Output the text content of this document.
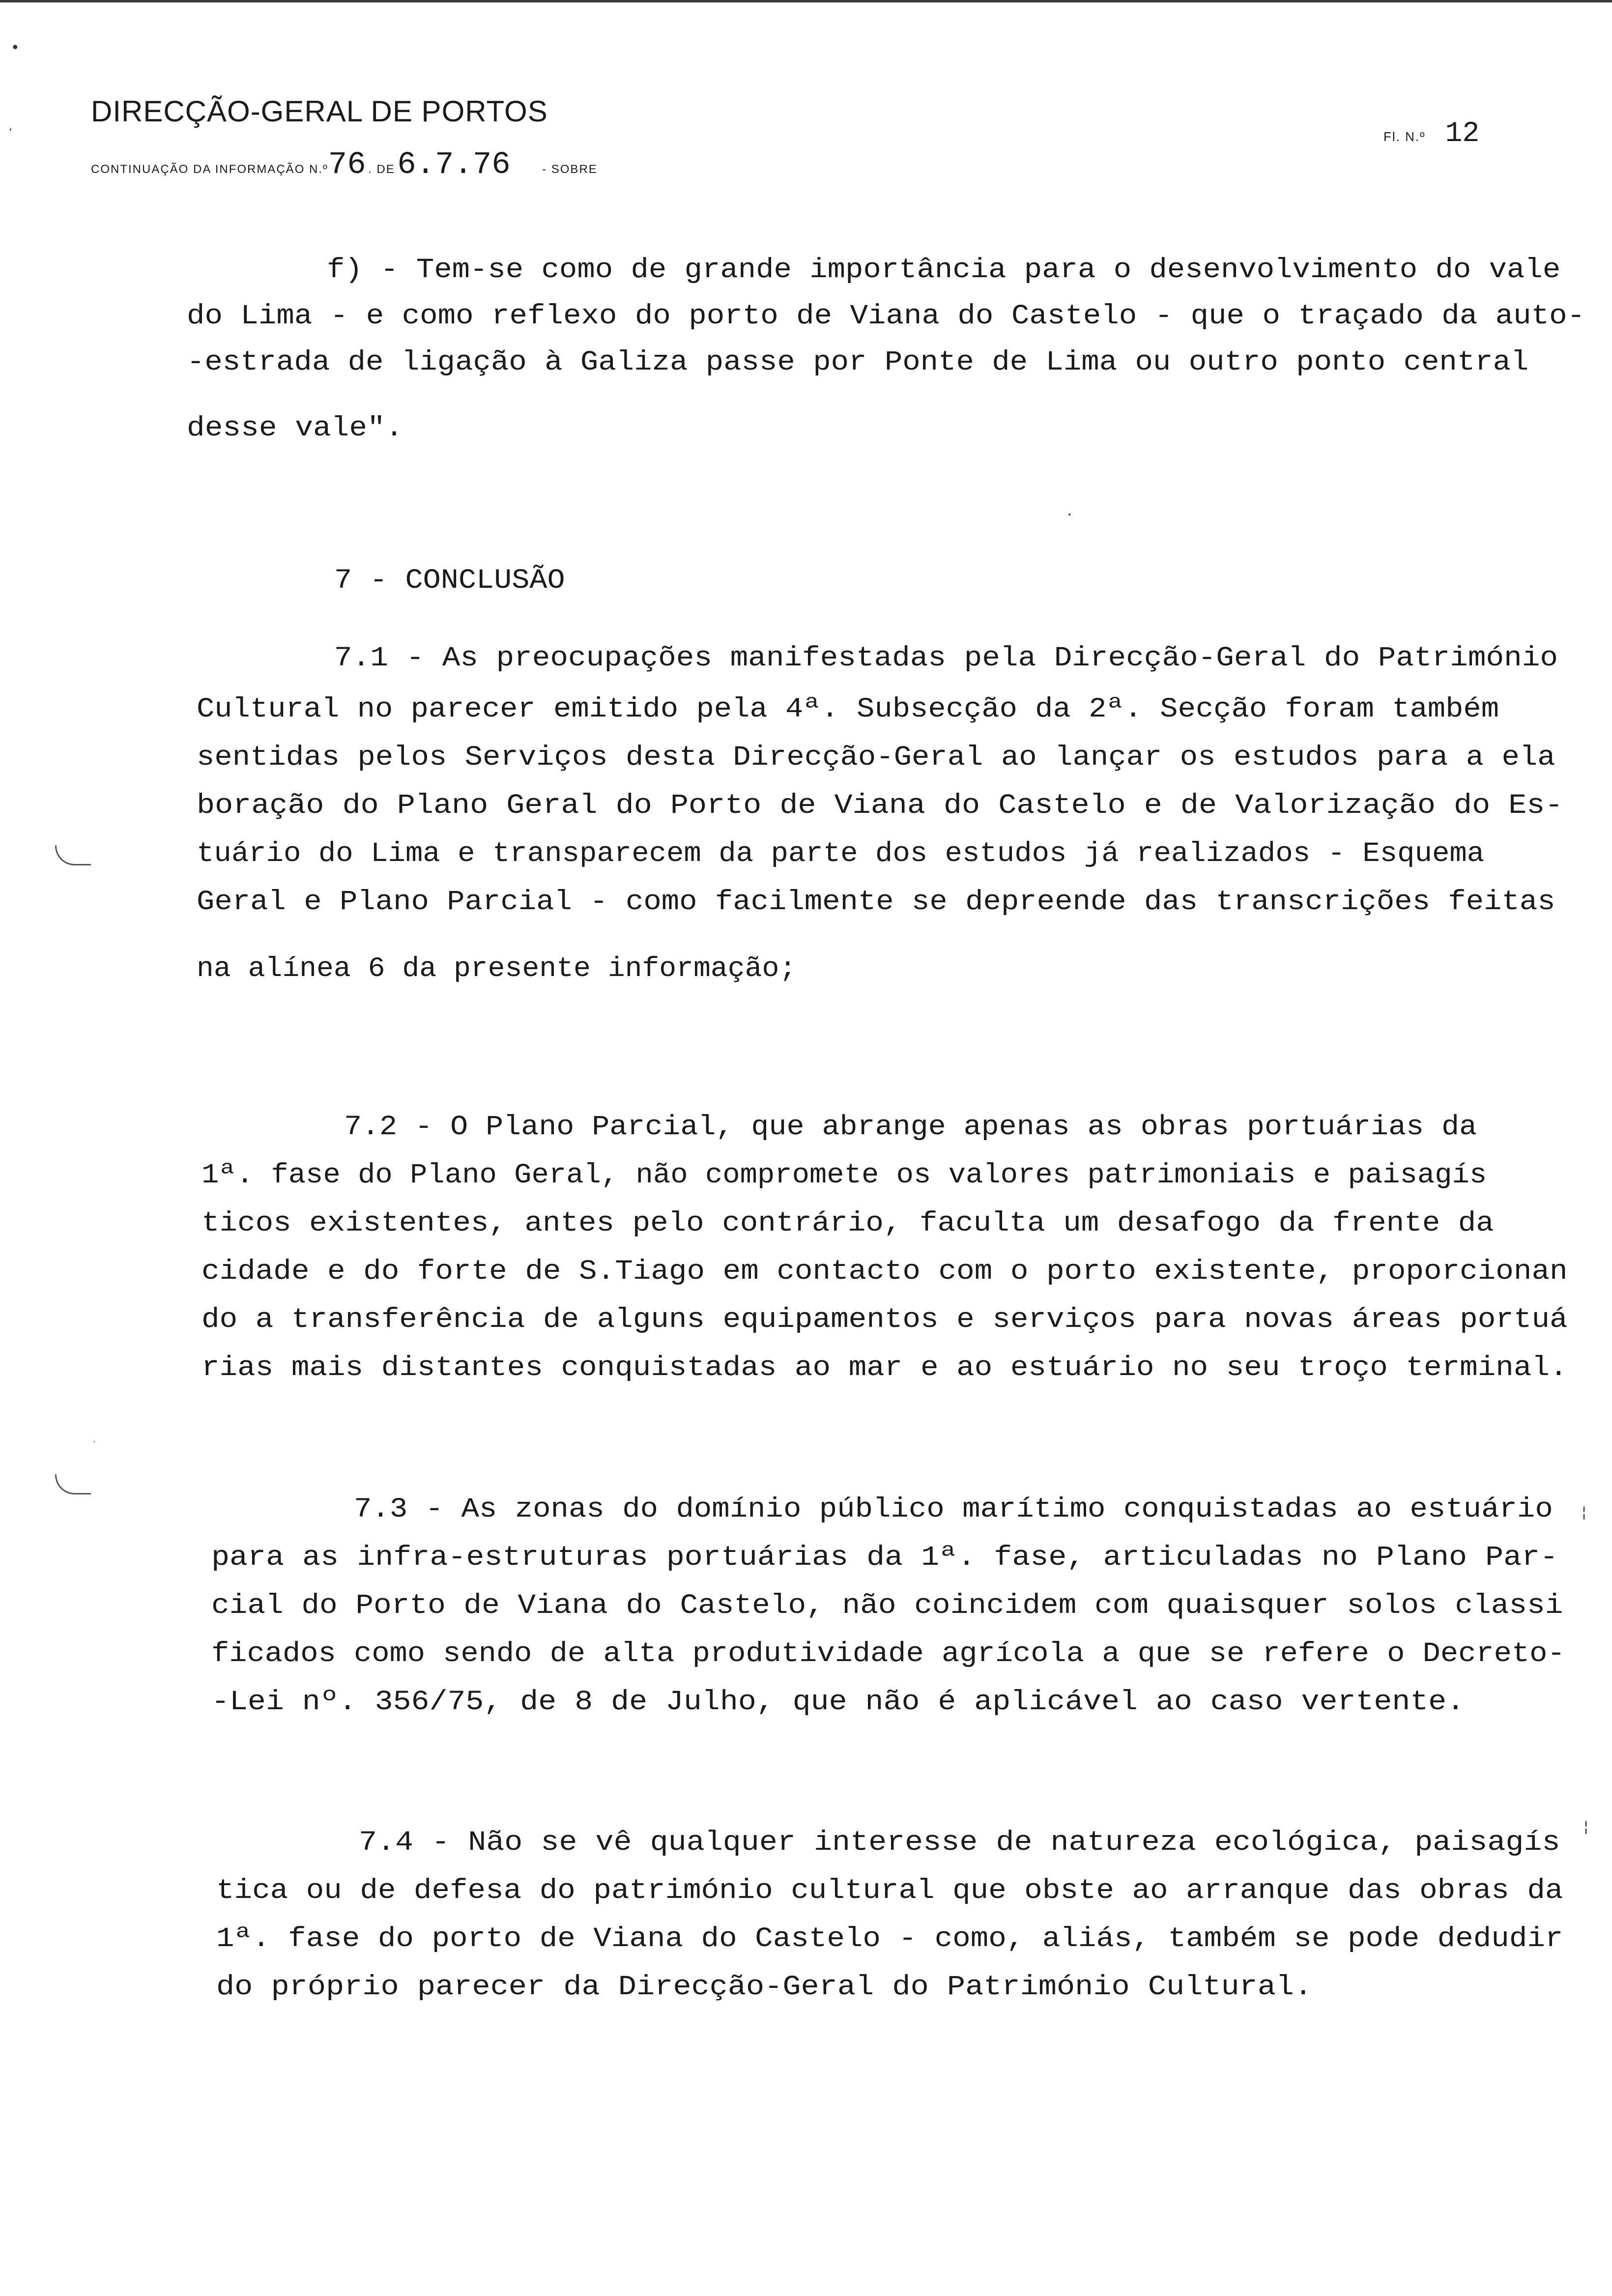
•
‘
DIRECÇÃO-GERAL DE PORTOS
CONTINUAÇÃO DA INFORMAÇÃO N.º76 . DE 6.7.76	- SOBRE
Fl. N.º 12
f) - Tem-se como de grande importância para o desenvolvimento do vale
do Lima - e como reflexo do porto de Viana do Castelo - que o traçado da auto-
-estrada de ligação à Galiza passe por Ponte de Lima ou outro ponto central
desse vale".
•
7 - CONCLUSÃO
7.1 - As preocupações manifestadas pela Direcção-Geral do Património
Cultural no parecer emitido pela 4ª. Subsecção da 2ª. Secção foram também
sentidas pelos Serviços desta Direcção-Geral ao lançar os estudos para a ela
boração do Plano Geral do Porto de Viana do Castelo e de Valorização do Es-
tuário do Lima e transparecem da parte dos estudos já realizados - Esquema
Geral e Plano Parcial - como facilmente se depreende das transcrições feitas
na alínea 6 da presente informação;
7.2 - O Plano Parcial, que abrange apenas as obras portuárias da
1ª. fase do Plano Geral, não compromete os valores patrimoniais e paisagís
ticos existentes, antes pelo contrário, faculta um desafogo da frente da
cidade e do forte de S.Tiago em contacto com o porto existente, proporcionan
do a transferência de alguns equipamentos e serviços para novas áreas portuá
rias mais distantes conquistadas ao mar e ao estuário no seu troço terminal.
'
7.3 - As zonas do domínio público marítimo conquistadas ao estuário
para as infra-estruturas portuárias da 1ª. fase, articuladas no Plano Par-
cial do Porto de Viana do Castelo, não coincidem com quaisquer solos classi
ficados como sendo de alta produtividade agrícola a que se refere o Decreto-
-Lei nº. 356/75, de 8 de Julho, que não é aplicável ao caso vertente.
¦
7.4 - Não se vê qualquer interesse de natureza ecológica, paisagís
tica ou de defesa do património cultural que obste ao arranque das obras da
1ª. fase do porto de Viana do Castelo - como, aliás, também se pode dedudir
do próprio parecer da Direcção-Geral do Património Cultural.
¦
